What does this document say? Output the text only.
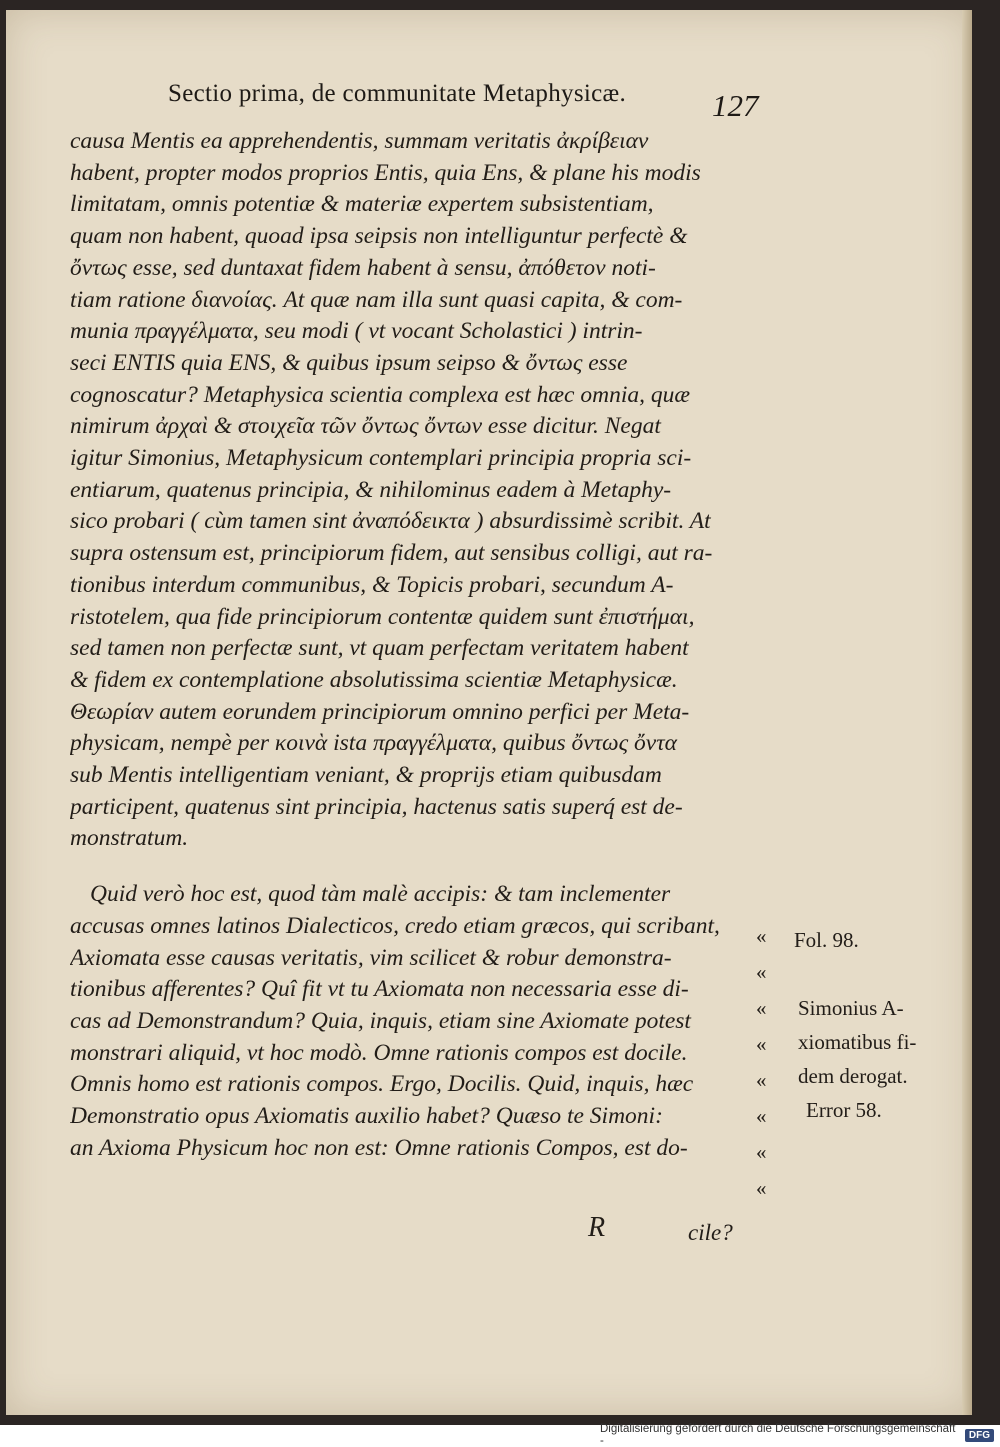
Sectio prima, de communitate Metaphysicæ.	127
causa Mentis ea apprehendentis, summam veritatis ἀκρίβειαν
habent, propter modos proprios Entis, quia Ens, & plane his modis
limitatam, omnis potentiæ & materiæ expertem subsistentiam,
quam non habent, quoad ipsa seipsis non intelliguntur perfectè &
ὄντως esse, sed duntaxat fidem habent à sensu, ἀπόθετον noti-
tiam ratione διανοίας. At quæ nam illa sunt quasi capita, & com-
munia πραγγέλματα, seu modi ( vt vocant Scholastici ) intrin-
seci ENTIS quia ENS, & quibus ipsum seipso & ὄντως esse
cognoscatur? Metaphysica scientia complexa est hæc omnia, quæ
nimirum ἀρχαὶ & στοιχεῖα τῶν ὄντως ὄντων esse dicitur. Negat
igitur Simonius, Metaphysicum contemplari principia propria sci-
entiarum, quatenus principia, & nihilominus eadem à Metaphy-
sico probari ( cùm tamen sint ἀναπόδεικτα ) absurdissimè scribit. At
supra ostensum est, principiorum fidem, aut sensibus colligi, aut ra-
tionibus interdum communibus, & Topicis probari, secundum A-
ristotelem, qua fide principiorum contentæ quidem sunt ἐπιστήμαι,
sed tamen non perfectæ sunt, vt quam perfectam veritatem habent
& fidem ex contemplatione absolutissima scientiæ Metaphysicæ.
Θεωρίαν autem eorundem principiorum omnino perfici per Meta-
physicam, nempè per κοινὰ ista πραγγέλματα, quibus ὄντως ὄντα
sub Mentis intelligentiam veniant, & proprijs etiam quibusdam
participent, quatenus sint principia, hactenus satis superq́ est de-
monstratum.
Quid verò hoc est, quod tàm malè accipis: & tam inclementer
accusas omnes latinos Dialecticos, credo etiam græcos, qui scribant,
Axiomata esse causas veritatis, vim scilicet & robur demonstra-
tionibus afferentes? Quî fit vt tu Axiomata non necessaria esse di-
cas ad Demonstrandum? Quia, inquis, etiam sine Axiomate potest
monstrari aliquid, vt hoc modò. Omne rationis compos est docile.
Omnis homo est rationis compos. Ergo, Docilis. Quid, inquis, hæc
Demonstratio opus Axiomatis auxilio habet? Quæso te Simoni:
an Axioma Physicum hoc non est: Omne rationis Compos, est do-
«
«
«
«
«
«
«
«
Fol. 98.
Simonius A-
xiomatibus fi-
dem derogat.
Error 58.
R	cile?
Digitalisierung gefördert durch die Deutsche Forschungsgemeinschaft -	DFG
